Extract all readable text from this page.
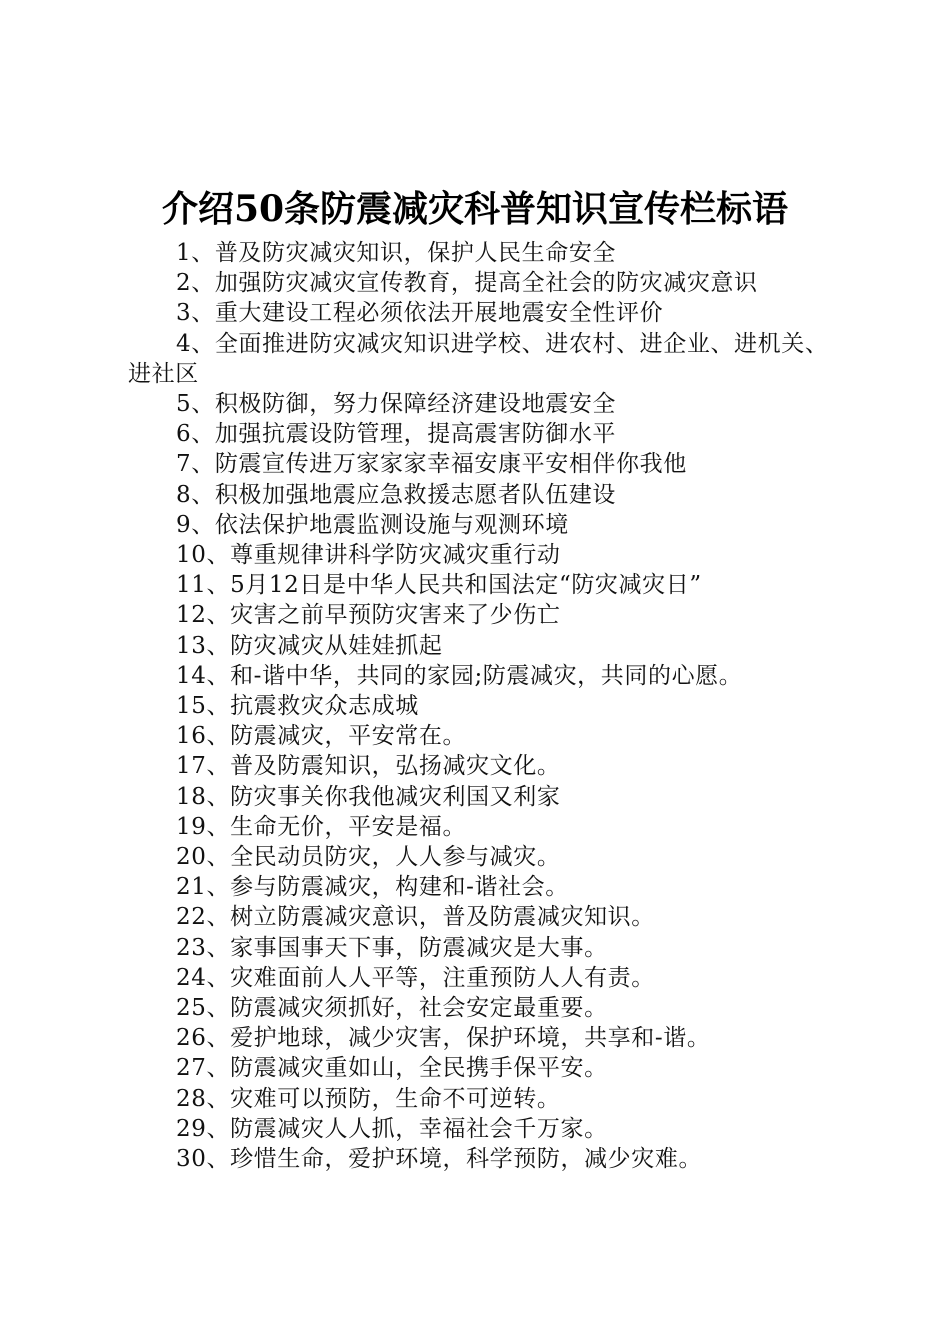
介绍50条防震减灾科普知识宣传栏标语
1、普及防灾减灾知识，保护人民生命安全
2、加强防灾减灾宣传教育，提高全社会的防灾减灾意识
3、重大建设工程必须依法开展地震安全性评价
4、全面推进防灾减灾知识进学校、进农村、进企业、进机关、进社区
5、积极防御，努力保障经济建设地震安全
6、加强抗震设防管理，提高震害防御水平
7、防震宣传进万家家家幸福安康平安相伴你我他
8、积极加强地震应急救援志愿者队伍建设
9、依法保护地震监测设施与观测环境
10、尊重规律讲科学防灾减灾重行动
11、5月12日是中华人民共和国法定“防灾减灾日”
12、灾害之前早预防灾害来了少伤亡
13、防灾减灾从娃娃抓起
14、和-谐中华，共同的家园;防震减灾，共同的心愿。
15、抗震救灾众志成城
16、防震减灾，平安常在。
17、普及防震知识，弘扬减灾文化。
18、防灾事关你我他减灾利国又利家
19、生命无价，平安是福。
20、全民动员防灾，人人参与减灾。
21、参与防震减灾，构建和-谐社会。
22、树立防震减灾意识，普及防震减灾知识。
23、家事国事天下事，防震减灾是大事。
24、灾难面前人人平等，注重预防人人有责。
25、防震减灾须抓好，社会安定最重要。
26、爱护地球，减少灾害，保护环境，共享和-谐。
27、防震减灾重如山，全民携手保平安。
28、灾难可以预防，生命不可逆转。
29、防震减灾人人抓，幸福社会千万家。
30、珍惜生命，爱护环境，科学预防，减少灾难。
